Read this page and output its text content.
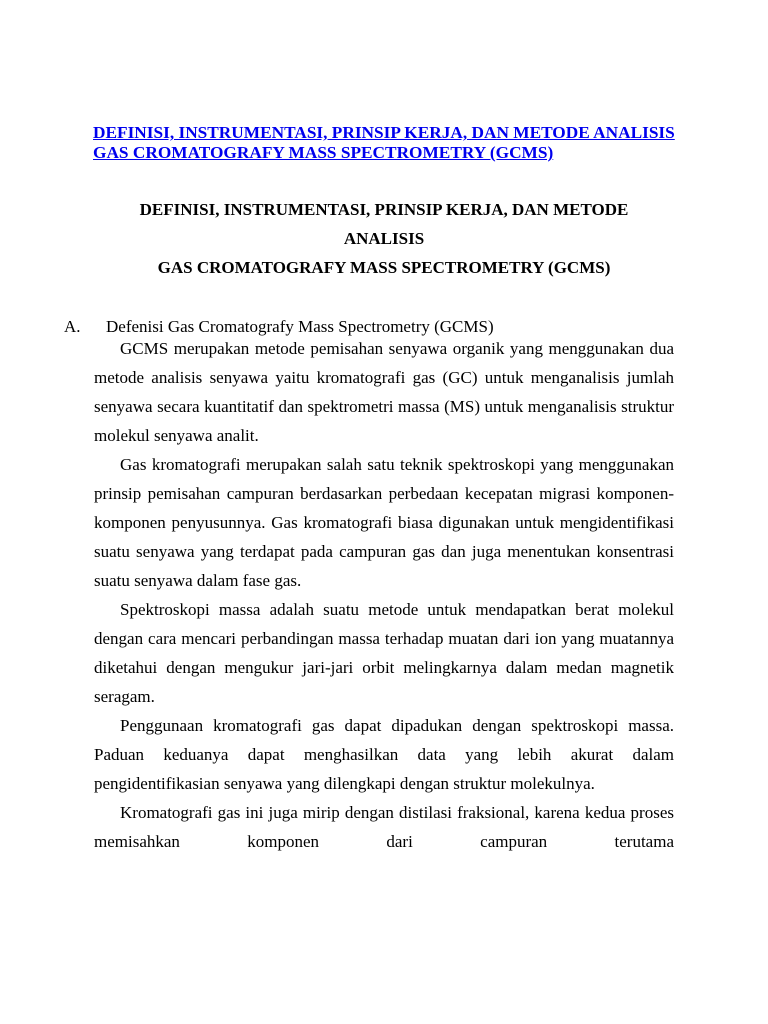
DEFINISI, INSTRUMENTASI, PRINSIP KERJA, DAN METODE ANALISIS GAS CROMATOGRAFY MASS SPECTROMETRY (GCMS)
DEFINISI, INSTRUMENTASI, PRINSIP KERJA, DAN METODE
ANALISIS
GAS CROMATOGRAFY MASS SPECTROMETRY (GCMS)
A. Defenisi Gas Cromatografy Mass Spectrometry (GCMS)

GCMS merupakan metode pemisahan senyawa organik yang menggunakan dua metode analisis senyawa yaitu kromatografi gas (GC) untuk menganalisis jumlah senyawa secara kuantitatif dan spektrometri massa (MS) untuk menganalisis struktur molekul senyawa analit.

Gas kromatografi merupakan salah satu teknik spektroskopi yang menggunakan prinsip pemisahan campuran berdasarkan perbedaan kecepatan migrasi komponen-komponen penyusunnya. Gas kromatografi biasa digunakan untuk mengidentifikasi suatu senyawa yang terdapat pada campuran gas dan juga menentukan konsentrasi suatu senyawa dalam fase gas.

Spektroskopi massa adalah suatu metode untuk mendapatkan berat molekul dengan cara mencari perbandingan massa terhadap muatan dari ion yang muatannya diketahui dengan mengukur jari-jari orbit melingkarnya dalam medan magnetik seragam.

Penggunaan kromatografi gas dapat dipadukan dengan spektroskopi massa. Paduan keduanya dapat menghasilkan data yang lebih akurat dalam pengidentifikasian senyawa yang dilengkapi dengan struktur molekulnya.

Kromatografi gas ini juga mirip dengan distilasi fraksional, karena kedua proses memisahkan komponen dari campuran terutama
